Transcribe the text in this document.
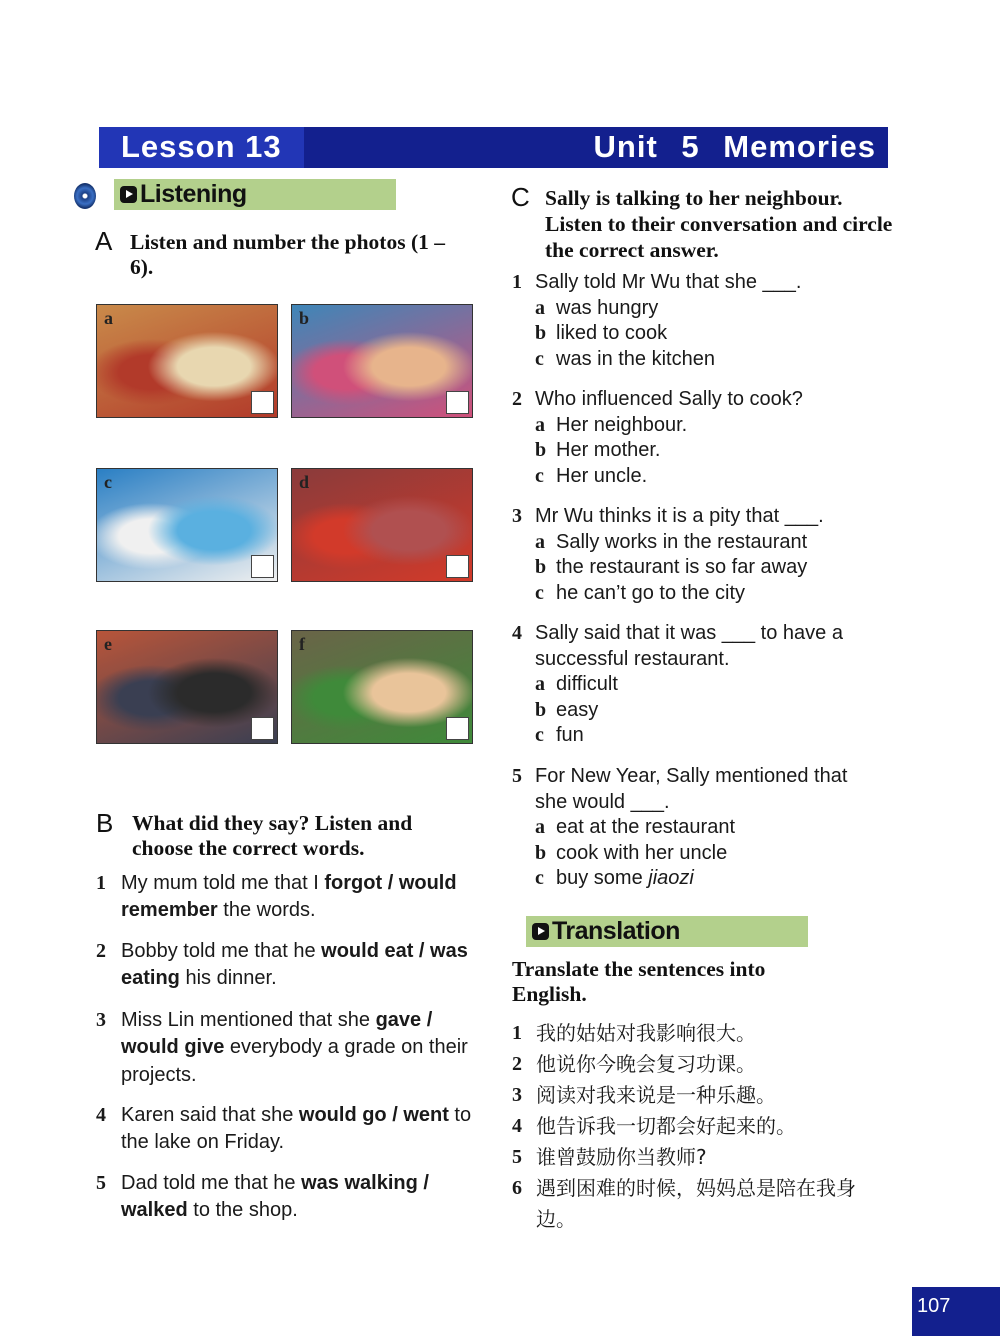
Lesson 13	Unit 5 Memories
Listening
A Listen and number the photos (1 – 6).
a	b
c	d
e	f
B What did they say? Listen and choose the correct words.
1 My mum told me that I forgot / would remember the words.
2 Bobby told me that he would eat / was eating his dinner.
3 Miss Lin mentioned that she gave / would give everybody a grade on their projects.
4 Karen said that she would go / went to the lake on Friday.
5 Dad told me that he was walking / walked to the shop.
C Sally is talking to her neighbour. Listen to their conversation and circle the correct answer.
1 Sally told Mr Wu that she ___.
a was hungry
b liked to cook
c was in the kitchen
2 Who influenced Sally to cook?
a Her neighbour.
b Her mother.
c Her uncle.
3 Mr Wu thinks it is a pity that ___.
a Sally works in the restaurant
b the restaurant is so far away
c he can’t go to the city
4 Sally said that it was ___ to have a
successful restaurant.
a difficult
b easy
c fun
5 For New Year, Sally mentioned that
she would ___.
a eat at the restaurant
b cook with her uncle
c buy some jiaozi
Translation
Translate the sentences into English.
1 我的姑姑对我影响很大。
2 他说你今晚会复习功课。
3 阅读对我来说是一种乐趣。
4 他告诉我一切都会好起来的。
5 谁曾鼓励你当教师?
6 遇到困难的时候，妈妈总是陪在我身边。
107
